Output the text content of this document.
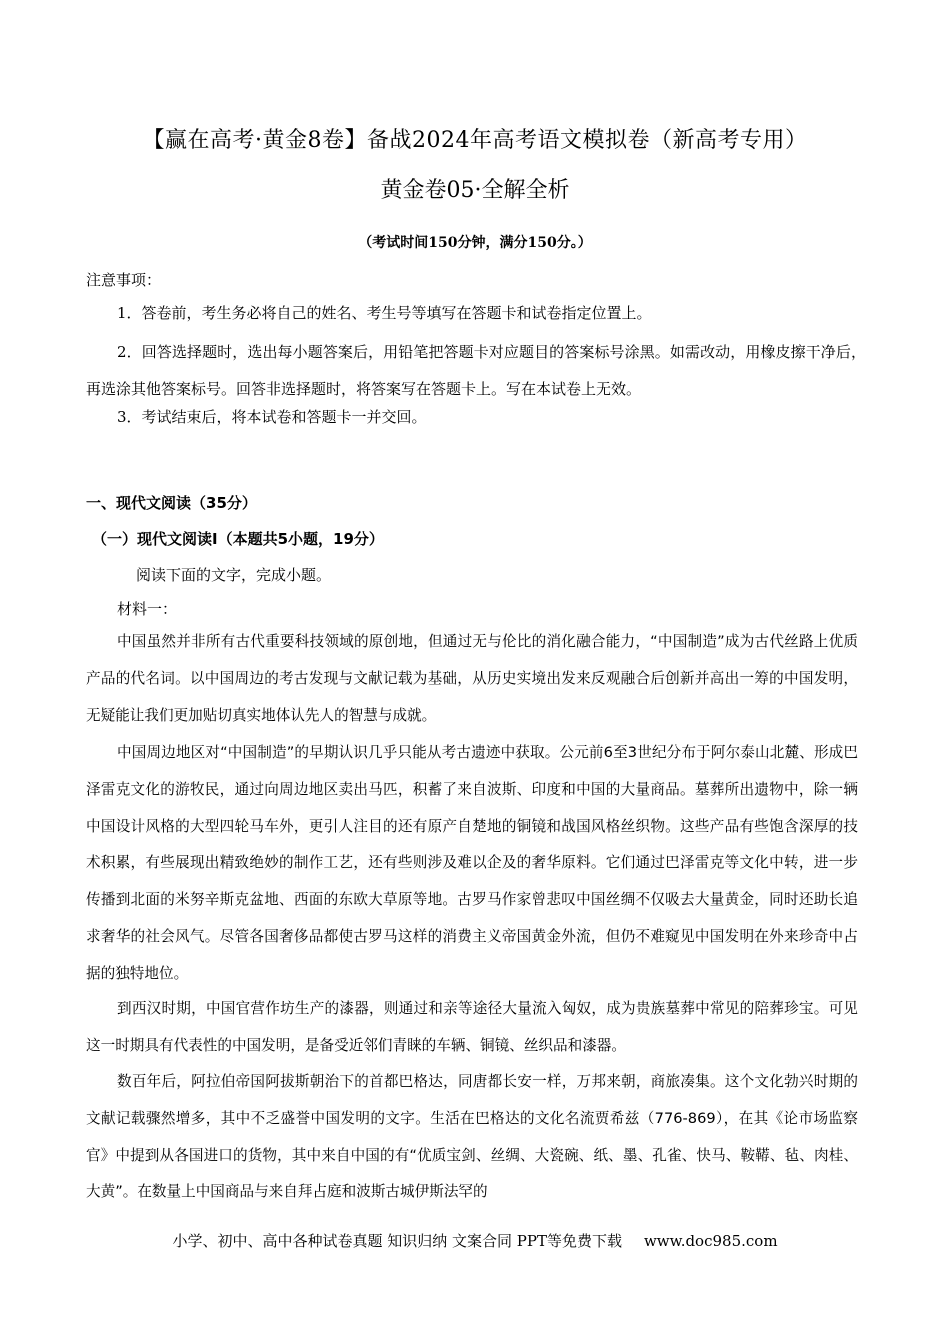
【赢在高考·黄金8卷】备战2024年高考语文模拟卷（新高考专用）
黄金卷05·全解全析
（考试时间150分钟，满分150分。）
注意事项：
1．答卷前，考生务必将自己的姓名、考生号等填写在答题卡和试卷指定位置上。
2．回答选择题时，选出每小题答案后，用铅笔把答题卡对应题目的答案标号涂黑。如需改动，用橡皮擦干净后，再选涂其他答案标号。回答非选择题时，将答案写在答题卡上。写在本试卷上无效。
3．考试结束后，将本试卷和答题卡一并交回。
一、现代文阅读（35分）
（一）现代文阅读Ⅰ（本题共5小题，19分）
阅读下面的文字，完成小题。
材料一：

中国虽然并非所有古代重要科技领域的原创地，但通过无与伦比的消化融合能力，“中国制造”成为古代丝路上优质产品的代名词。以中国周边的考古发现与文献记载为基础，从历史实境出发来反观融合后创新并高出一筹的中国发明，无疑能让我们更加贴切真实地体认先人的智慧与成就。

中国周边地区对“中国制造”的早期认识几乎只能从考古遗迹中获取。公元前6至3世纪分布于阿尔泰山北麓、形成巴泽雷克文化的游牧民，通过向周边地区卖出马匹，积蓄了来自波斯、印度和中国的大量商品。墓葬所出遗物中，除一辆中国设计风格的大型四轮马车外，更引人注目的还有原产自楚地的铜镜和战国风格丝织物。这些产品有些饱含深厚的技术积累，有些展现出精致绝妙的制作工艺，还有些则涉及难以企及的奢华原料。它们通过巴泽雷克等文化中转，进一步传播到北面的米努辛斯克盆地、西面的东欧大草原等地。古罗马作家曾悲叹中国丝绸不仅吸去大量黄金，同时还助长追求奢华的社会风气。尽管各国奢侈品都使古罗马这样的消费主义帝国黄金外流，但仍不难窥见中国发明在外来珍奇中占据的独特地位。

到西汉时期，中国官营作坊生产的漆器，则通过和亲等途径大量流入匈奴，成为贵族墓葬中常见的陪葬珍宝。可见这一时期具有代表性的中国发明，是备受近邻们青睐的车辆、铜镜、丝织品和漆器。

数百年后，阿拉伯帝国阿拔斯朝治下的首都巴格达，同唐都长安一样，万邦来朝，商旅凑集。这个文化勃兴时期的文献记载骤然增多，其中不乏盛誉中国发明的文字。生活在巴格达的文化名流贾希兹（776-869），在其《论市场监察官》中提到从各国进口的货物，其中来自中国的有“优质宝剑、丝绸、大瓷碗、纸、墨、孔雀、快马、鞍鞯、毡、肉桂、大黄”。在数量上中国商品与来自拜占庭和波斯古城伊斯法罕的

小学、初中、高中各种试卷真题 知识归纳 文案合同 PPT等免费下载 www.doc985.com
